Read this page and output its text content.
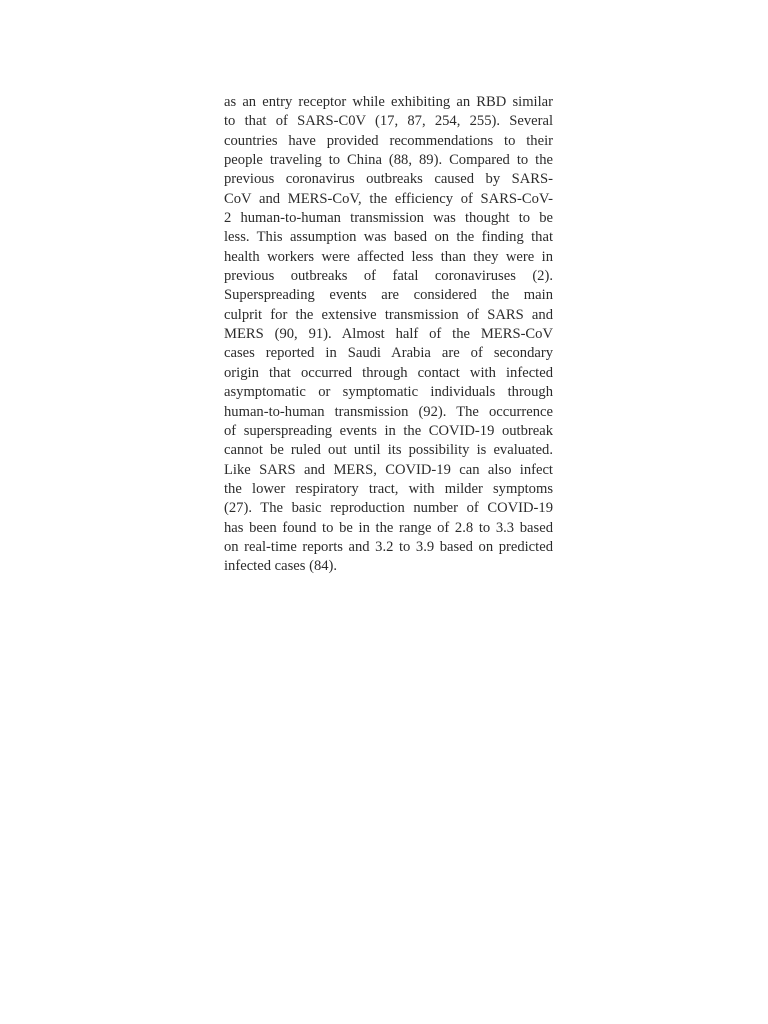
as an entry receptor while exhibiting an RBD similar
to that of SARS-C0V (17, 87, 254, 255). Several
countries have provided recommendations to their
people traveling to China (88, 89). Compared to the
previous coronavirus outbreaks caused by SARS-
CoV and MERS-CoV, the efficiency of SARS-CoV-
2 human-to-human transmission was thought to be
less. This assumption was based on the finding that
health workers were affected less than they were in
previous outbreaks of fatal coronaviruses (2).
Superspreading events are considered the main
culprit for the extensive transmission of SARS and
MERS (90, 91). Almost half of the MERS-CoV
cases reported in Saudi Arabia are of secondary
origin that occurred through contact with infected
asymptomatic or symptomatic individuals through
human-to-human transmission (92). The occurrence
of superspreading events in the COVID-19 outbreak
cannot be ruled out until its possibility is evaluated.
Like SARS and MERS, COVID-19 can also infect
the lower respiratory tract, with milder symptoms
(27). The basic reproduction number of COVID-19
has been found to be in the range of 2.8 to 3.3 based
on real-time reports and 3.2 to 3.9 based on predicted
infected cases (84).
